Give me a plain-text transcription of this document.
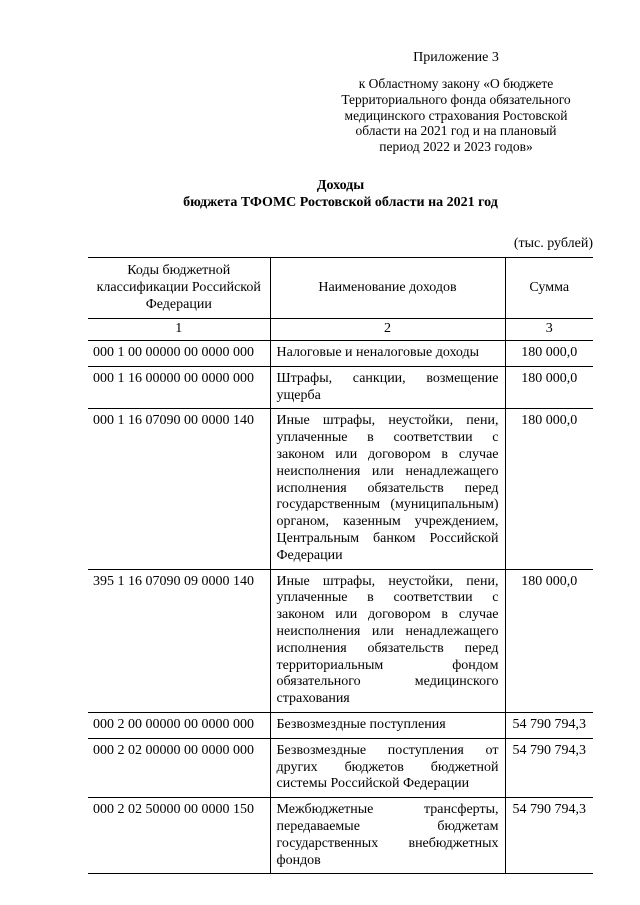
Приложение 3
к Областному закону «О бюджете
Территориального фонда обязательного
медицинского страхования Ростовской
области на 2021 год и на плановый
период 2022 и 2023 годов»
Доходы
бюджета ТФОМС Ростовской области на 2021 год
(тыс. рублей)
Коды бюджетной классификации Российской Федерации	Наименование доходов	Сумма
1	2	3
000 1 00 00000 00 0000 000	Налоговые и неналоговые доходы	180 000,0
000 1 16 00000 00 0000 000	Штрафы, санкции, возмещение ущерба	180 000,0
000 1 16 07090 00 0000 140	Иные штрафы, неустойки, пени, уплаченные в соответствии с законом или договором в случае неисполнения или ненадлежащего исполнения обязательств перед государственным (муниципальным) органом, казенным учреждением, Центральным банком Российской Федерации	180 000,0
395 1 16 07090 09 0000 140	Иные штрафы, неустойки, пени, уплаченные в соответствии с законом или договором в случае неисполнения или ненадлежащего исполнения обязательств перед территориальным фондом обязательного медицинского страхования	180 000,0
000 2 00 00000 00 0000 000	Безвозмездные поступления	54 790 794,3
000 2 02 00000 00 0000 000	Безвозмездные поступления от других бюджетов бюджетной системы Российской Федерации	54 790 794,3
000 2 02 50000 00 0000 150	Межбюджетные трансферты, передаваемые бюджетам государственных внебюджетных фондов	54 790 794,3
